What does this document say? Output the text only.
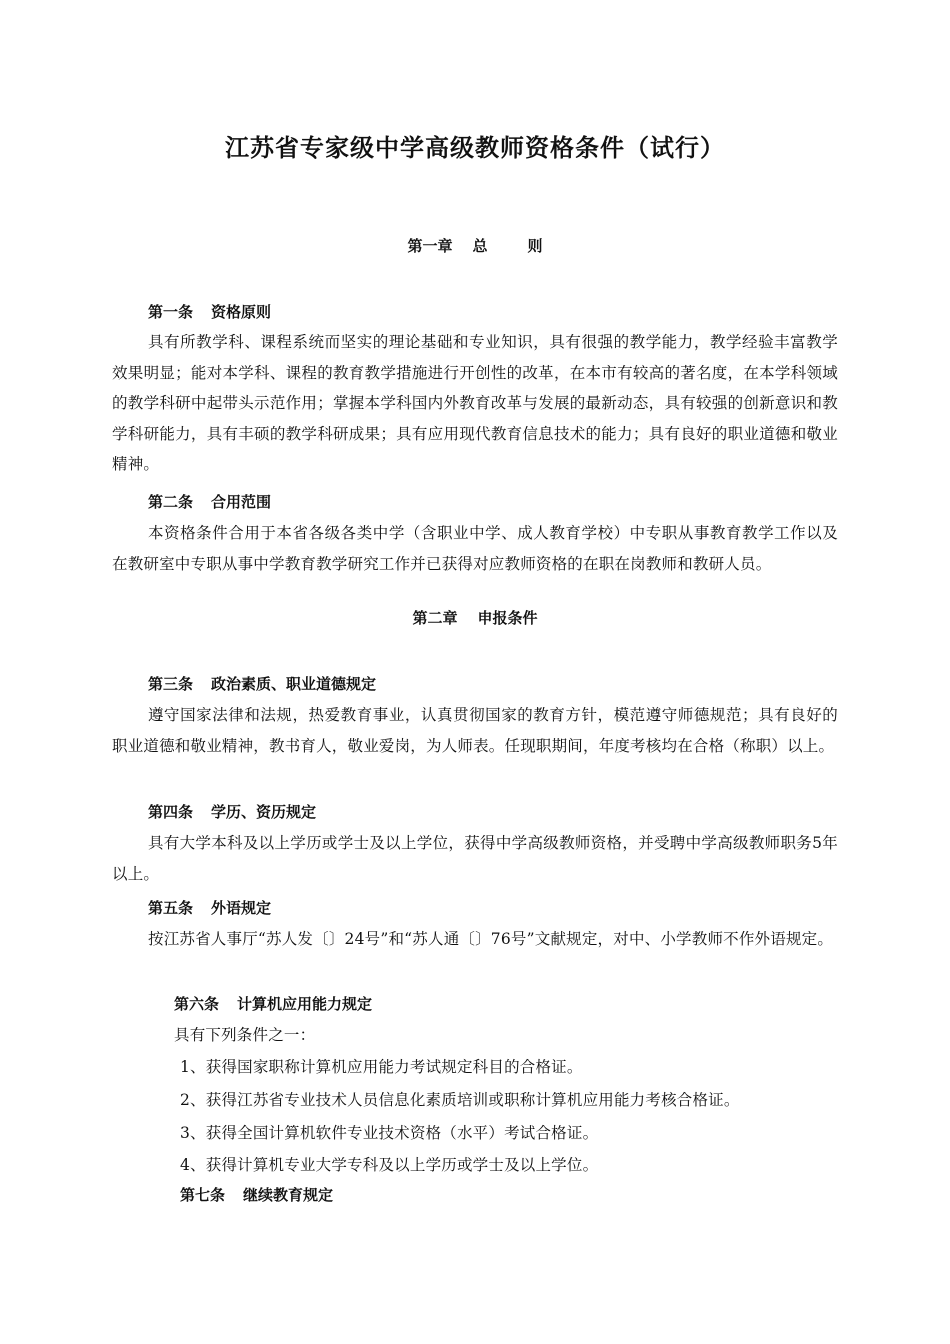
江苏省专家级中学高级教师资格条件（试行）
第一章 总	则
第一条 资格原则

具有所教学科、课程系统而坚实的理论基础和专业知识，具有很强的教学能力，教学经验丰富教学效果明显；能对本学科、课程的教育教学措施进行开创性的改革，在本市有较高的著名度，在本学科领域的教学科研中起带头示范作用；掌握本学科国内外教育改革与发展的最新动态，具有较强的创新意识和教学科研能力，具有丰硕的教学科研成果；具有应用现代教育信息技术的能力；具有良好的职业道德和敬业精神。

第二条 合用范围

本资格条件合用于本省各级各类中学（含职业中学、成人教育学校）中专职从事教育教学工作以及在教研室中专职从事中学教育教学研究工作并已获得对应教师资格的在职在岗教师和教研人员。

第二章 申报条件
第三条 政治素质、职业道德规定

遵守国家法律和法规，热爱教育事业，认真贯彻国家的教育方针，模范遵守师德规范；具有良好的职业道德和敬业精神，教书育人，敬业爱岗，为人师表。任现职期间，年度考核均在合格（称职）以上。

第四条 学历、资历规定

具有大学本科及以上学历或学士及以上学位，获得中学高级教师资格，并受聘中学高级教师职务5年以上。

第五条 外语规定

按江苏省人事厅“苏人发〔〕24号”和“苏人通〔〕76号”文献规定，对中、小学教师不作外语规定。

第六条 计算机应用能力规定

具有下列条件之一：

1、获得国家职称计算机应用能力考试规定科目的合格证。

2、获得江苏省专业技术人员信息化素质培训或职称计算机应用能力考核合格证。

3、获得全国计算机软件专业技术资格（水平）考试合格证。

4、获得计算机专业大学专科及以上学历或学士及以上学位。

第七条 继续教育规定
